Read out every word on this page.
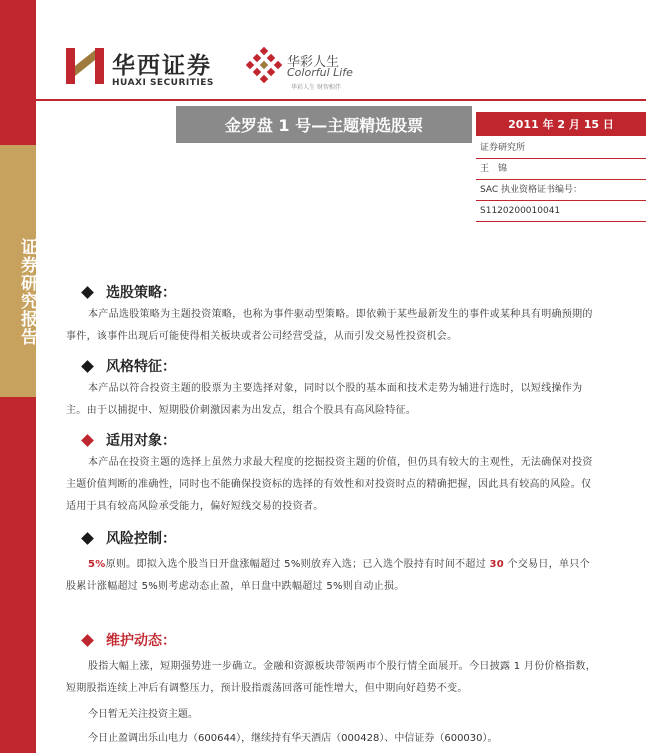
证券研究报告
华西证券
HUAXI SECURITIES
华彩人生
Colorful Life
华彩人生 财智相伴
金罗盘 1 号—主题精选股票	2011 年 2 月 15 日
证券研究所
王　锦
SAC 执业资格证书编号：
S1120200010041
选股策略：
本产品选股策略为主题投资策略，也称为事件驱动型策略。即依赖于某些最新发生的事件或某种具有明确预期的事件，该事件出现后可能使得相关板块或者公司经营受益，从而引发交易性投资机会。
风格特征：
本产品以符合投资主题的股票为主要选择对象，同时以个股的基本面和技术走势为辅进行选时，以短线操作为主。由于以捕捉中、短期股价刺激因素为出发点，组合个股具有高风险特征。
适用对象：
本产品在投资主题的选择上虽然力求最大程度的挖掘投资主题的价值，但仍具有较大的主观性，无法确保对投资主题价值判断的准确性，同时也不能确保投资标的选择的有效性和对投资时点的精确把握，因此具有较高的风险。仅适用于具有较高风险承受能力，偏好短线交易的投资者。
风险控制：
5%原则。即拟入选个股当日开盘涨幅超过 5%则放弃入选；已入选个股持有时间不超过 30 个交易日，单只个股累计涨幅超过 5%则考虑动态止盈，单日盘中跌幅超过 5%则自动止损。
维护动态：
股指大幅上涨，短期强势进一步确立。金融和资源板块带领两市个股行情全面展开。今日披露 1 月份价格指数，短期股指连续上冲后有调整压力，预计股指震荡回落可能性增大，但中期向好趋势不变。
今日暂无关注投资主题。
今日止盈调出乐山电力（600644），继续持有华天酒店（000428）、中信证券（600030）。
